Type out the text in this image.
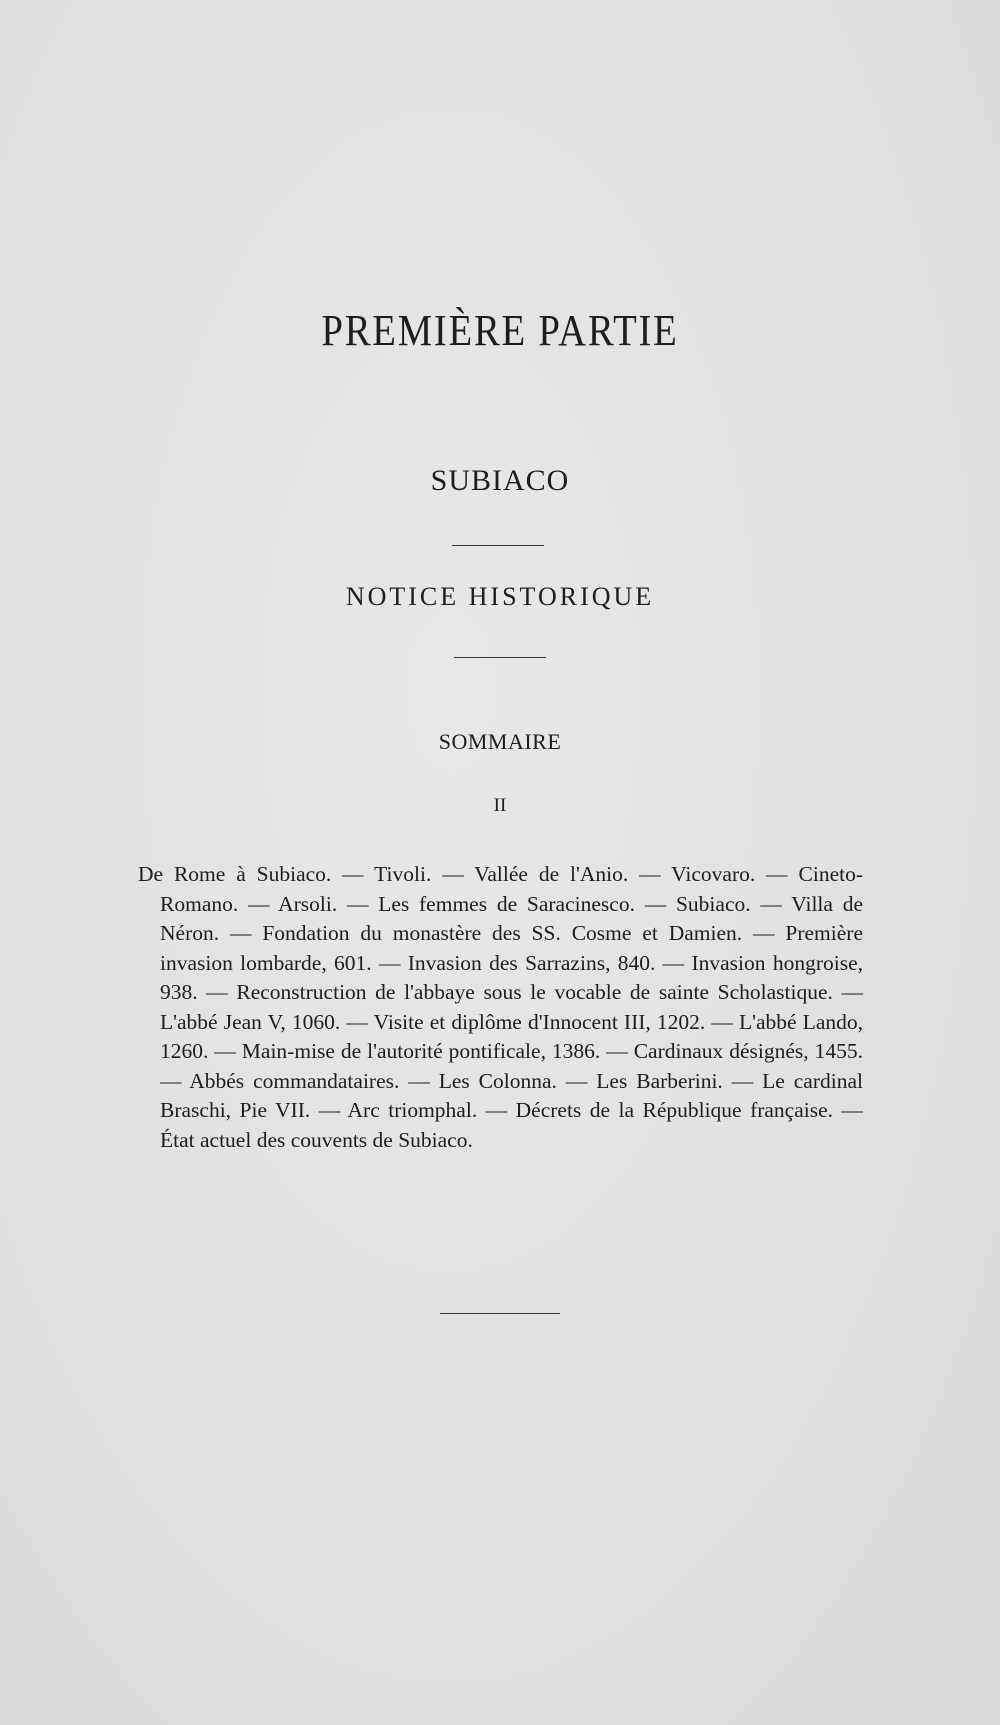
PREMIÈRE PARTIE
SUBIACO
NOTICE HISTORIQUE
SOMMAIRE
II
De Rome à Subiaco. — Tivoli. — Vallée de l'Anio. — Vicovaro. — Cineto-Romano. — Arsoli. — Les femmes de Saracinesco. — Subiaco. — Villa de Néron. — Fondation du monastère des SS. Cosme et Damien. — Première invasion lombarde, 601. — Invasion des Sarrazins, 840. — Invasion hongroise, 938. — Reconstruction de l'abbaye sous le vocable de sainte Scholastique. — L'abbé Jean V, 1060. — Visite et diplôme d'Innocent III, 1202. — L'abbé Lando, 1260. — Main-mise de l'autorité pontificale, 1386. — Cardinaux désignés, 1455. — Abbés commandataires. — Les Colonna. — Les Barberini. — Le cardinal Braschi, Pie VII. — Arc triomphal. — Décrets de la République française. — État actuel des couvents de Subiaco.
